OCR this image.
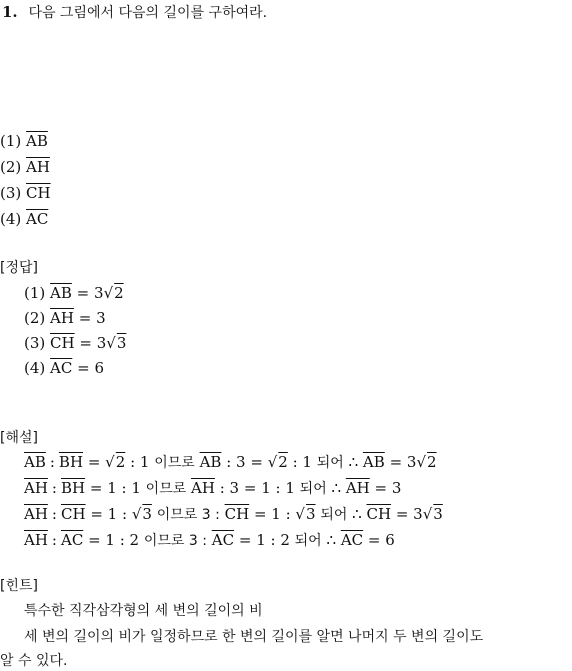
1. 다음 그림에서 다음의 길이를 구하여라.
(1) $\overline{AB}$
(2) $\overline{AH}$
(3) $\overline{CH}$
(4) $\overline{AC}$
[정답]
(1) $\overline{AB} = 3√2$
(2) $\overline{AH} = 3$
(3) $\overline{CH} = 3√3$
(4) $\overline{AC} = 6$
[해설]
$\overline{AB}$ : $\overline{BH} = √2$ : 1 이므로 $\overline{AB}$ : 3 = √2 : 1 되어 ∴ $\overline{AB} = 3√2$
$\overline{AH}$ : $\overline{BH} = 1$ : 1 이므로 $\overline{AH}$ : 3 = 1 : 1 되어 ∴ $\overline{AH} = 3$
$\overline{AH}$ : $\overline{CH} = 1$ : √3 이므로 3 : $\overline{CH} = 1$ : √3 되어 ∴ $\overline{CH} = 3√3$
$\overline{AH}$ : $\overline{AC} = 1$ : 2 이므로 3 : $\overline{AC} = 1$ : 2 되어 ∴ $\overline{AC} = 6$
[힌트]
특수한 직각삼각형의 세 변의 길이의 비
세 변의 길이의 비가 일정하므로 한 변의 길이를 알면 나머지 두 변의 길이도
알 수 있다.
